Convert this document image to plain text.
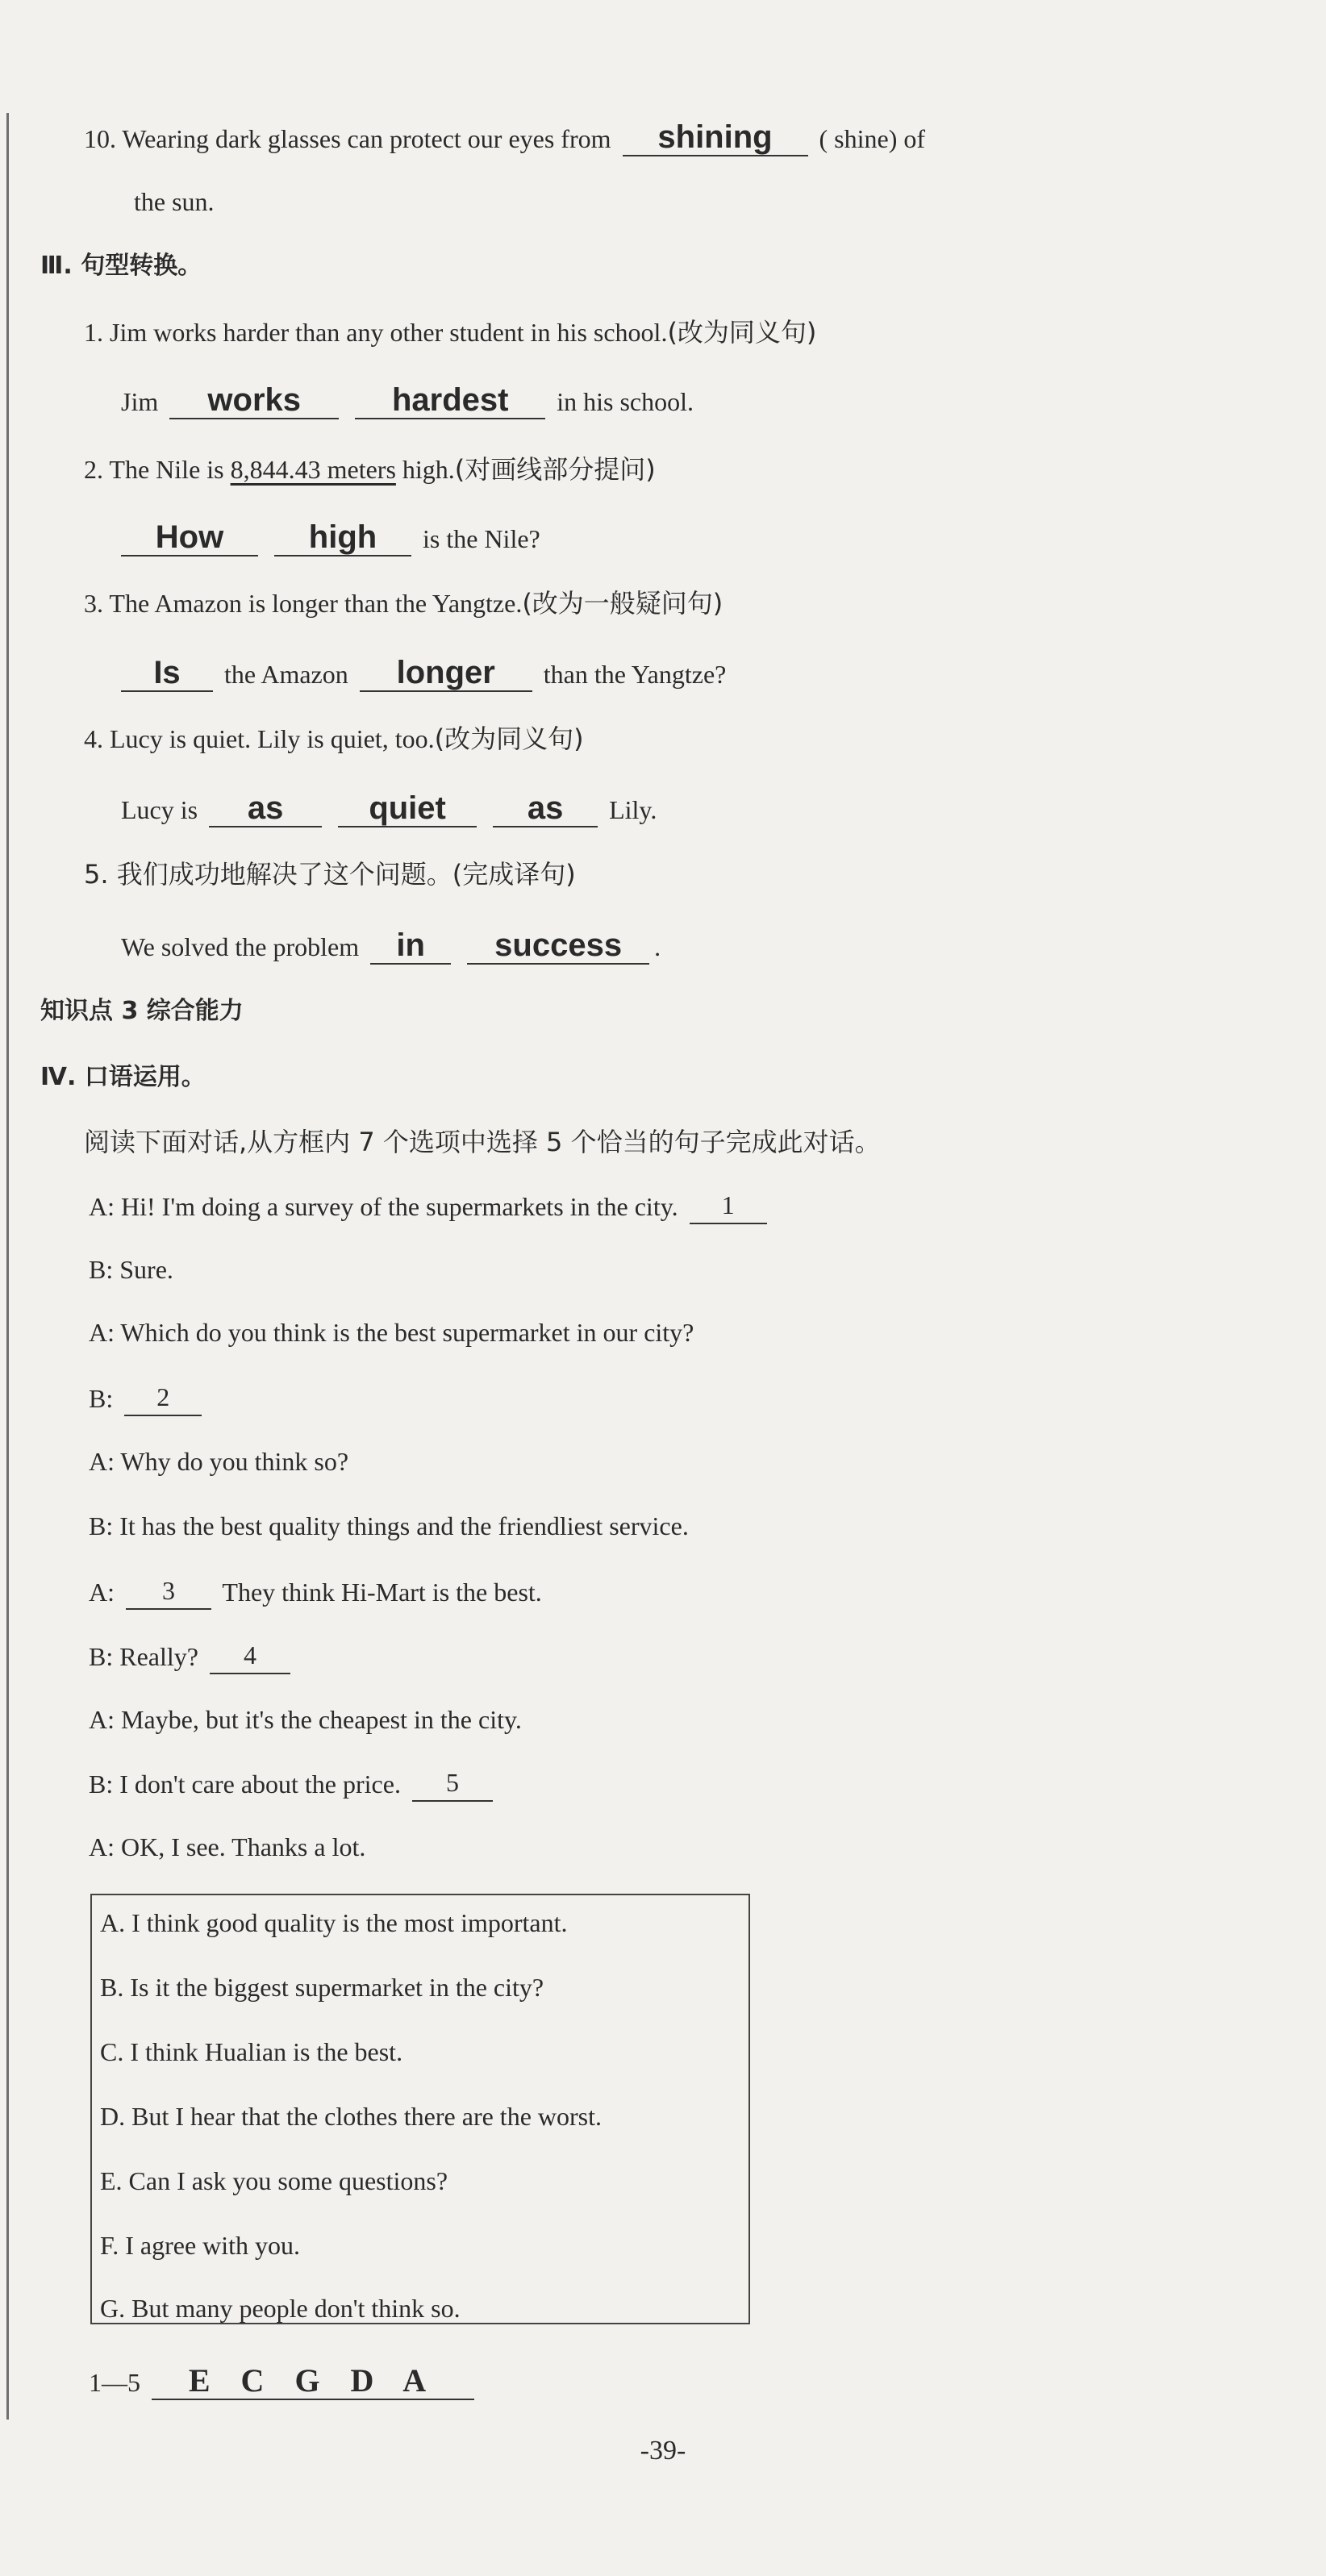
10. Wearing dark glasses can protect our eyes from shining ( shine) of
the sun.
Ⅲ. 句型转换。
1. Jim works harder than any other student in his school.(改为同义句)
Jim works	hardest in his school.
2. The Nile is 8,844.43 meters high.(对画线部分提问)
How	high is the Nile?
3. The Amazon is longer than the Yangtze.(改为一般疑问句)
Is the Amazon longer than the Yangtze?
4. Lucy is quiet. Lily is quiet, too.(改为同义句)
Lucy is as	quiet	as Lily.
5. 我们成功地解决了这个问题。(完成译句)
We solved the problem in success .
知识点 3 综合能力
Ⅳ. 口语运用。
阅读下面对话,从方框内 7 个选项中选择 5 个恰当的句子完成此对话。
A: Hi! I'm doing a survey of the supermarkets in the city. 1
B: Sure.
A: Which do you think is the best supermarket in our city?
B: 2
A: Why do you think so?
B: It has the best quality things and the friendliest service.
A: 3 They think Hi-Mart is the best.
B: Really? 4
A: Maybe, but it's the cheapest in the city.
B: I don't care about the price. 5
A: OK, I see. Thanks a lot.
A. I think good quality is the most important.
B. Is it the biggest supermarket in the city?
C. I think Hualian is the best.
D. But I hear that the clothes there are the worst.
E. Can I ask you some questions?
F. I agree with you.
G. But many people don't think so.
1—5 E C G D A
-39-
